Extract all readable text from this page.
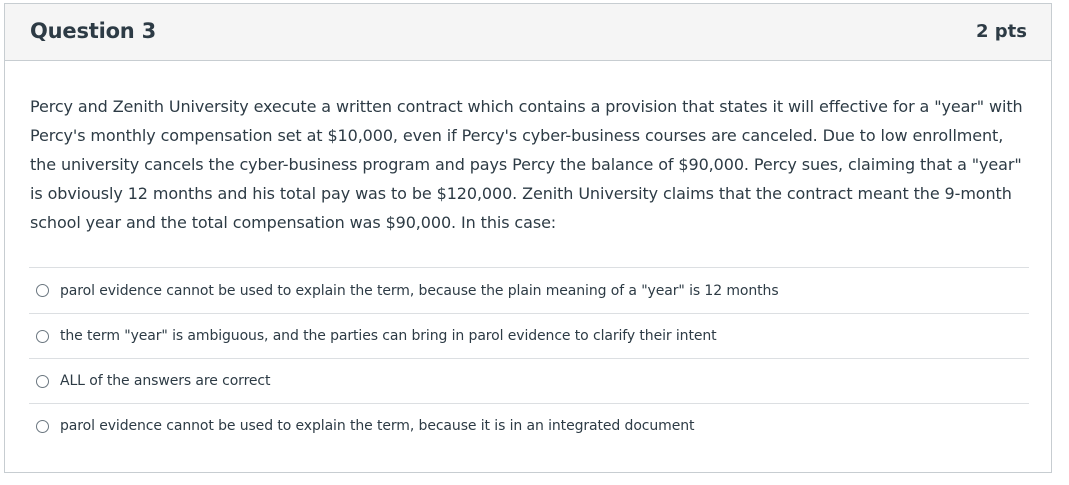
Question 3	2 pts
Percy and Zenith University execute a written contract which contains a provision that states it will effective for a "year" with Percy's monthly compensation set at $10,000, even if Percy's cyber-business courses are canceled. Due to low enrollment, the university cancels the cyber-business program and pays Percy the balance of $90,000. Percy sues, claiming that a "year" is obviously 12 months and his total pay was to be $120,000. Zenith University claims that the contract meant the 9-month school year and the total compensation was $90,000. In this case:
parol evidence cannot be used to explain the term, because the plain meaning of a "year" is 12 months
the term "year" is ambiguous, and the parties can bring in parol evidence to clarify their intent
ALL of the answers are correct
parol evidence cannot be used to explain the term, because it is in an integrated document
